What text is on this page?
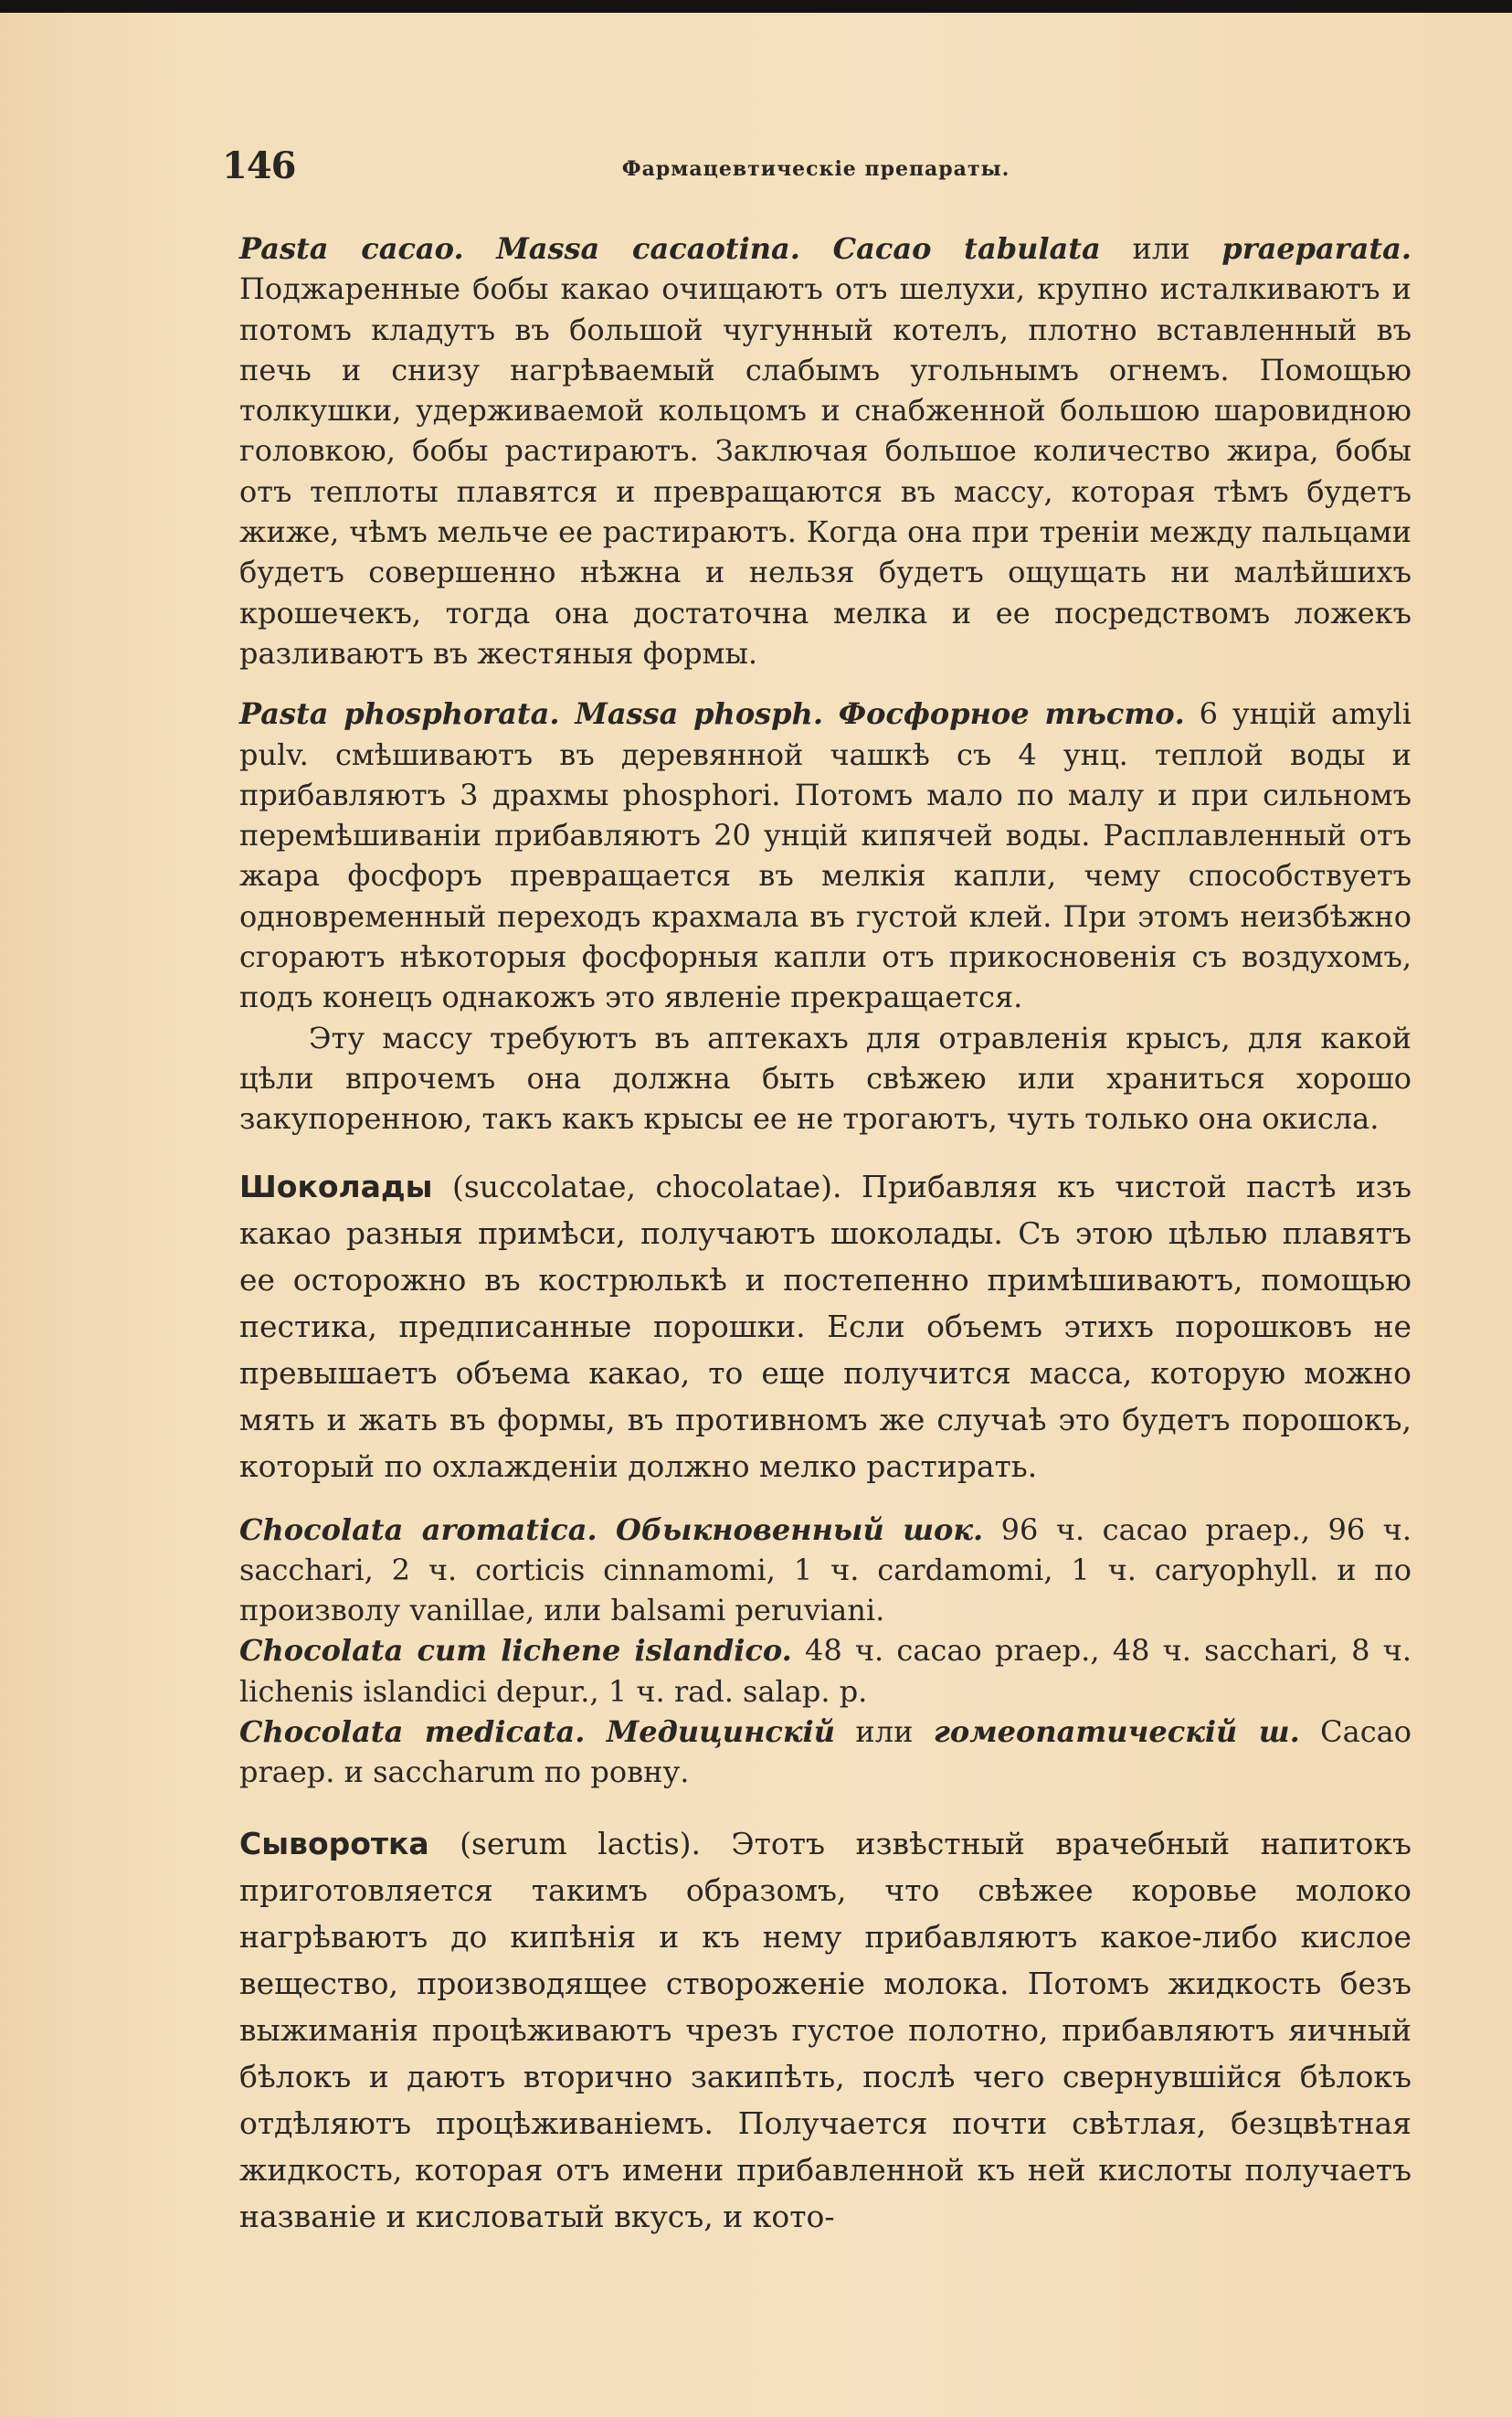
146	Фармацевтическіе препараты.

Pasta cacao. Massa cacaotina. Cacao tabulata или praeparata. Поджаренные бобы какао очищаютъ отъ шелухи, крупно исталкиваютъ и потомъ кладутъ въ большой чугунный котелъ, плотно вставленный въ печь и снизу нагрѣваемый слабымъ угольнымъ огнемъ. Помощью толкушки, удерживаемой кольцомъ и снабженной большою шаровидною головкою, бобы растираютъ. Заключая большое количество жира, бобы отъ теплоты плавятся и превращаются въ массу, которая тѣмъ будетъ жиже, чѣмъ мельче ее растираютъ. Когда она при треніи между пальцами будетъ совершенно нѣжна и нельзя будетъ ощущать ни малѣйшихъ крошечекъ, тогда она достаточна мелка и ее посредствомъ ложекъ разливаютъ въ жестяныя формы.

Pasta phosphorata. Massa phosph. Фосфорное тѣсто. 6 унцій amyli pulv. смѣшиваютъ въ деревянной чашкѣ съ 4 унц. теплой воды и прибавляютъ 3 драхмы phosphori. Потомъ мало по малу и при сильномъ перемѣшиваніи прибавляютъ 20 унцій кипячей воды. Расплавленный отъ жара фосфоръ превращается въ мелкія капли, чему способствуетъ одновременный переходъ крахмала въ густой клей. При этомъ неизбѣжно сгораютъ нѣкоторыя фосфорныя капли отъ прикосновенія съ воздухомъ, подъ конецъ однакожъ это явленіе прекращается.

Эту массу требуютъ въ аптекахъ для отравленія крысъ, для какой цѣли впрочемъ она должна быть свѣжею или храниться хорошо закупоренною, такъ какъ крысы ее не трогаютъ, чуть только она окисла.

Шоколады (succolatae, chocolatae). Прибавляя къ чистой пастѣ изъ какао разныя примѣси, получаютъ шоколады. Съ этою цѣлью плавятъ ее осторожно въ кострюлькѣ и постепенно примѣшиваютъ, помощью пестика, предписанные порошки. Если объемъ этихъ порошковъ не превышаетъ объема какао, то еще получится масса, которую можно мять и жать въ формы, въ противномъ же случаѣ это будетъ порошокъ, который по охлажденіи должно мелко растирать.

Chocolata aromatica. Обыкновенный шок. 96 ч. cacao praep., 96 ч. sacchari, 2 ч. corticis cinnamomi, 1 ч. cardamomi, 1 ч. caryophyll. и по произволу vanillae, или balsami peruviani.

Chocolata cum lichene islandico. 48 ч. cacao praep., 48 ч. sacchari, 8 ч. lichenis islandici depur., 1 ч. rad. salap. p.

Chocolata medicata. Медицинскій или гомеопатическій ш. Cacao praep. и saccharum по ровну.

Сыворотка (serum lactis). Этотъ извѣстный врачебный напитокъ приготовляется такимъ образомъ, что свѣжее коровье молоко нагрѣваютъ до кипѣнія и къ нему прибавляютъ какое-либо кислое вещество, производящее створоженіе молока. Потомъ жидкость безъ выжиманія процѣживаютъ чрезъ густое полотно, прибавляютъ яичный бѣлокъ и даютъ вторично закипѣть, послѣ чего свернувшійся бѣлокъ отдѣляютъ процѣживаніемъ. Получается почти свѣтлая, безцвѣтная жидкость, которая отъ имени прибавленной къ ней кислоты получаетъ названіе и кисловатый вкусъ, и кото-
